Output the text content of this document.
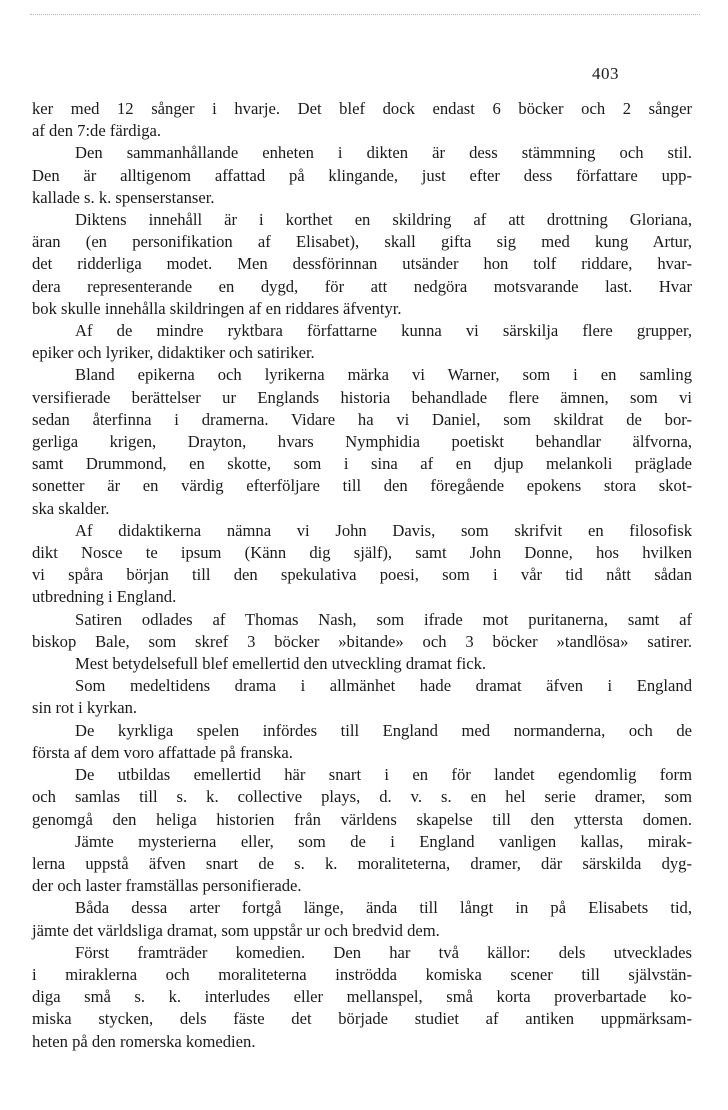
403
ker med 12 sånger i hvarje. Det blef dock endast 6 böcker och 2 sånger
af den 7:de färdiga.
Den sammanhållande enheten i dikten är dess stämmning och stil.
Den är alltigenom affattad på klingande, just efter dess författare upp-
kallade s. k. spenserstanser.
Diktens innehåll är i korthet en skildring af att drottning Gloriana,
äran (en personifikation af Elisabet), skall gifta sig med kung Artur,
det ridderliga modet. Men dessförinnan utsänder hon tolf riddare, hvar-
dera representerande en dygd, för att nedgöra motsvarande last. Hvar
bok skulle innehålla skildringen af en riddares äfventyr.
Af de mindre ryktbara författarne kunna vi särskilja flere grupper,
epiker och lyriker, didaktiker och satiriker.
Bland epikerna och lyrikerna märka vi Warner, som i en samling
versifierade berättelser ur Englands historia behandlade flere ämnen, som vi
sedan återfinna i dramerna. Vidare ha vi Daniel, som skildrat de bor-
gerliga krigen, Drayton, hvars Nymphidia poetiskt behandlar älfvorna,
samt Drummond, en skotte, som i sina af en djup melankoli präglade
sonetter är en värdig efterföljare till den föregående epokens stora skot-
ska skalder.
Af didaktikerna nämna vi John Davis, som skrifvit en filosofisk
dikt Nosce te ipsum (Känn dig själf), samt John Donne, hos hvilken
vi spåra början till den spekulativa poesi, som i vår tid nått sådan
utbredning i England.
Satiren odlades af Thomas Nash, som ifrade mot puritanerna, samt af
biskop Bale, som skref 3 böcker »bitande» och 3 böcker »tandlösa» satirer.
Mest betydelsefull blef emellertid den utveckling dramat fick.
Som medeltidens drama i allmänhet hade dramat äfven i England
sin rot i kyrkan.
De kyrkliga spelen infördes till England med normanderna, och de
första af dem voro affattade på franska.
De utbildas emellertid här snart i en för landet egendomlig form
och samlas till s. k. collective plays, d. v. s. en hel serie dramer, som
genomgå den heliga historien från världens skapelse till den yttersta domen.
Jämte mysterierna eller, som de i England vanligen kallas, mirak-
lerna uppstå äfven snart de s. k. moraliteterna, dramer, där särskilda dyg-
der och laster framställas personifierade.
Båda dessa arter fortgå länge, ända till långt in på Elisabets tid,
jämte det världsliga dramat, som uppstår ur och bredvid dem.
Först framträder komedien. Den har två källor: dels utvecklades
i miraklerna och moraliteterna inströdda komiska scener till självstän-
diga små s. k. interludes eller mellanspel, små korta proverbartade ko-
miska stycken, dels fäste det började studiet af antiken uppmärksam-
heten på den romerska komedien.
